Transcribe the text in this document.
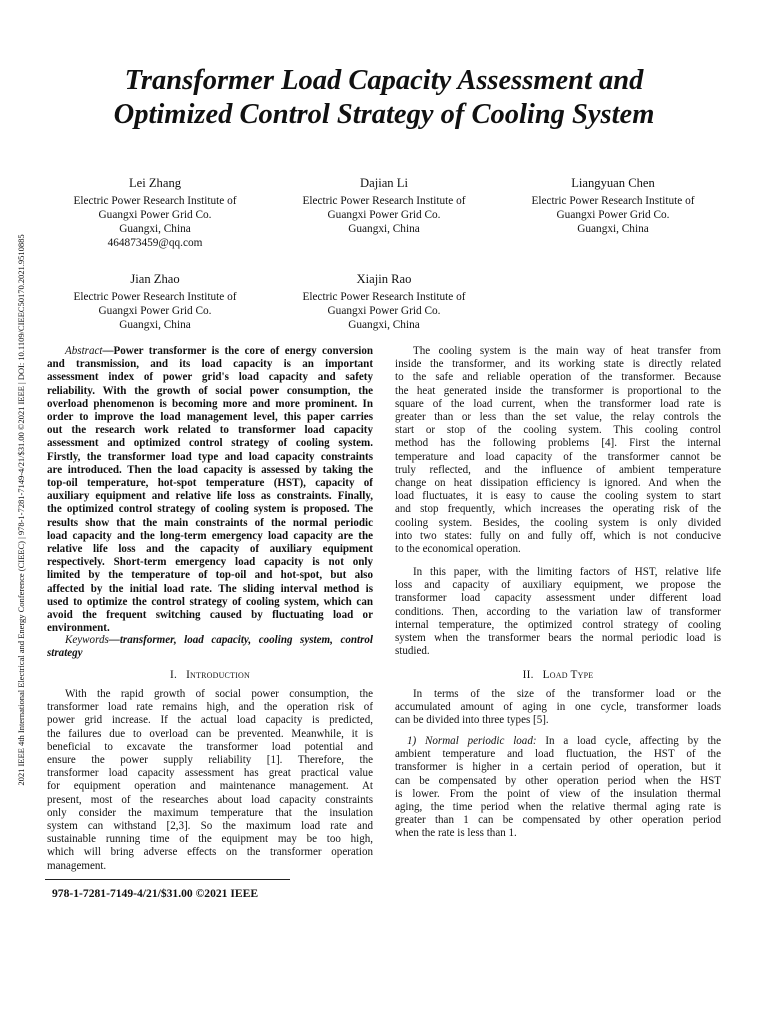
2021 IEEE 4th International Electrical and Energy Conference (CIEEC) | 978-1-7281-7149-4/21/$31.00 ©2021 IEEE | DOI: 10.1109/CIEEC50170.2021.9510885
Transformer Load Capacity Assessment and
Optimized Control Strategy of Cooling System
Lei Zhang
Electric Power Research Institute of
Guangxi Power Grid Co.
Guangxi, China
464873459@qq.com
Dajian Li
Electric Power Research Institute of
Guangxi Power Grid Co.
Guangxi, China
Liangyuan Chen
Electric Power Research Institute of
Guangxi Power Grid Co.
Guangxi, China
Jian Zhao
Electric Power Research Institute of
Guangxi Power Grid Co.
Guangxi, China
Xiajin Rao
Electric Power Research Institute of
Guangxi Power Grid Co.
Guangxi, China
Abstract—Power transformer is the core of energy conversion
and transmission, and its load capacity is an important
assessment index of power grid's load capacity and safety
reliability. With the growth of social power consumption, the
overload phenomenon is becoming more and more prominent. In
order to improve the load management level, this paper carries
out the research work related to transformer load capacity
assessment and optimized control strategy of cooling system.
Firstly, the transformer load type and load capacity constraints
are introduced. Then the load capacity is assessed by taking the
top-oil temperature, hot-spot temperature (HST), capacity of
auxiliary equipment and relative life loss as constraints. Finally,
the optimized control strategy of cooling system is proposed. The
results show that the main constraints of the normal periodic
load capacity and the long-term emergency load capacity are the
relative life loss and the capacity of auxiliary equipment
respectively. Short-term emergency load capacity is not only
limited by the temperature of top-oil and hot-spot, but also
affected by the initial load rate. The sliding interval method is
used to optimize the control strategy of cooling system, which can
avoid the frequent switching caused by fluctuating load or
environment.
Keywords—transformer, load capacity, cooling system, control
strategy
I. Introduction
With the rapid growth of social power consumption, the
transformer load rate remains high, and the operation risk of
power grid increase. If the actual load capacity is predicted,
the failures due to overload can be prevented. Meanwhile, it is
beneficial to excavate the transformer load potential and
ensure the power supply reliability [1]. Therefore, the
transformer load capacity assessment has great practical value
for equipment operation and maintenance management. At
present, most of the researches about load capacity constraints
only consider the maximum temperature that the insulation
system can withstand [2,3]. So the maximum load rate and
sustainable running time of the equipment may be too high,
which will bring adverse effects on the transformer operation
management.
978-1-7281-7149-4/21/$31.00 ©2021 IEEE
The cooling system is the main way of heat transfer from
inside the transformer, and its working state is directly related
to the safe and reliable operation of the transformer. Because
the heat generated inside the transformer is proportional to the
square of the load current, when the transformer load rate is
greater than or less than the set value, the relay controls the
start or stop of the cooling system. This cooling control
method has the following problems [4]. First the internal
temperature and load capacity of the transformer cannot be
truly reflected, and the influence of ambient temperature
change on heat dissipation efficiency is ignored. And when the
load fluctuates, it is easy to cause the cooling system to start
and stop frequently, which increases the operating risk of the
cooling system. Besides, the cooling system is only divided
into two states: fully on and fully off, which is not conducive
to the economical operation.
In this paper, with the limiting factors of HST, relative life
loss and capacity of auxiliary equipment, we propose the
transformer load capacity assessment under different load
conditions. Then, according to the variation law of transformer
internal temperature, the optimized control strategy of cooling
system when the transformer bears the normal periodic load is
studied.
II. Load Type
In terms of the size of the transformer load or the
accumulated amount of aging in one cycle, transformer loads
can be divided into three types [5].
1) Normal periodic load: In a load cycle, affecting by the
ambient temperature and load fluctuation, the HST of the
transformer is higher in a certain period of operation, but it
can be compensated by other operation period when the HST
is lower. From the point of view of the insulation thermal
aging, the time period when the relative thermal aging rate is
greater than 1 can be compensated by other operation period
when the rate is less than 1.
